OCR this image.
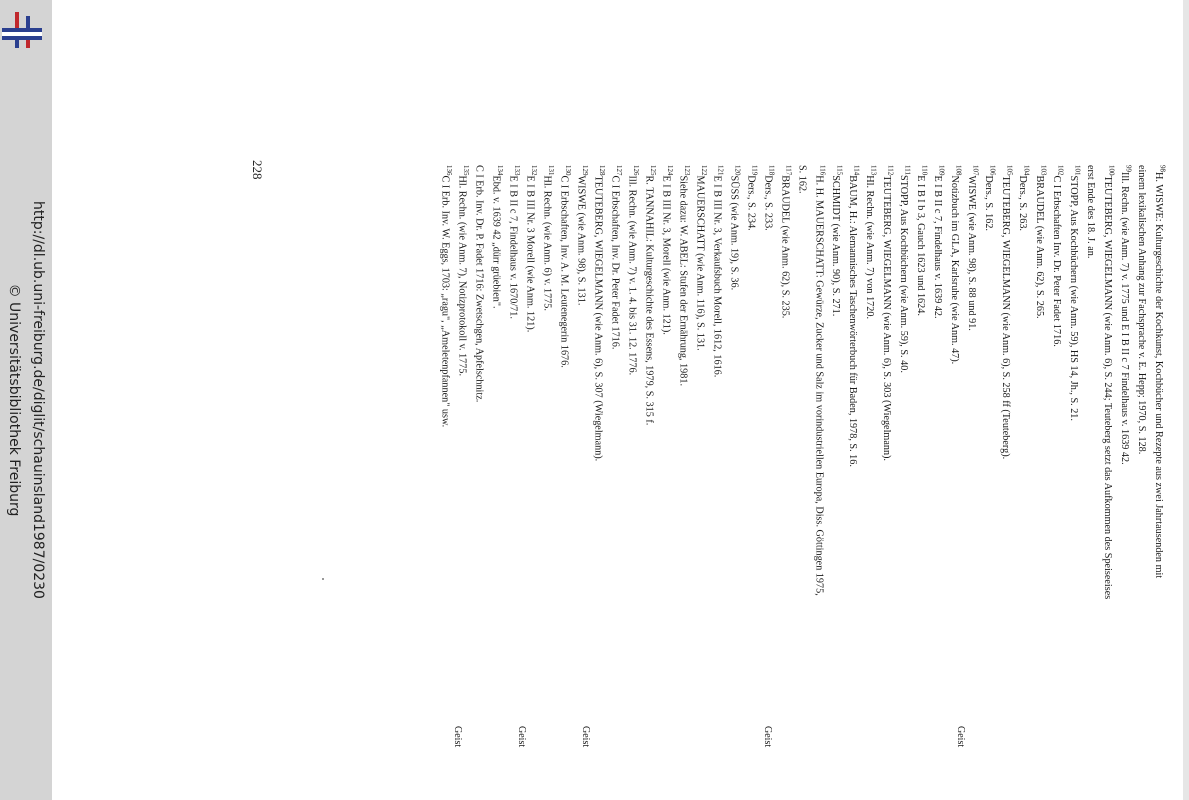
http://dl.ub.uni-freiburg.de/diglit/schauinsland1987/0230
© Universitätsbibliothek Freiburg
228	$^{98}$H. WISWE: Kulturgeschichte der Kochkunst, Kochbücher und Rezepte aus zwei Jahrtausenden mit
einem lexikalischen Anhang zur Fachsprache v. E. Hepp; 1970, S. 128.
$^{99}$Ill. Rechn. (wie Anm. 7) v. 1775 und E I B II c 7 Findelhaus v. 1639 42.
$^{100}$TEUTEBERG, WIEGELMANN (wie Anm. 6), S. 244; Teuteberg setzt das Aufkommen des Speiseeises
erst Ende des 18. J. an.
$^{101}$STOPP, Aus Kochbüchern (wie Anm. 59), HS 14, Jh., S. 21.
$^{102}$C I Erbschaften Inv. Dr. Peter Fadet 1716.
$^{103}$BRAUDEL (wie Anm. 62), S. 265.
$^{104}$Ders., S. 263.
$^{105}$TEUTEBERG, WIEGELMANN (wie Anm. 6), S. 258 ff (Teuteberg).
$^{106}$Ders., S. 162.
$^{107}$WISWE (wie Anm. 98), S. 88 und 91.
$^{108}$Notizbuch im GLA, Karlsruhe (wie Anm. 47).
$^{109}$E I B II c 7, Findelhaus v. 1639 42.
$^{110}$E I B I b 3, Gauch 1623 und 1624.
$^{111}$STOPP, Aus Kochbüchern (wie Anm. 59), S. 40.
$^{112}$TEUTEBERG, WIEGELMANN (wie Anm. 6), S. 303 (Wiegelmann).
$^{113}$Hl. Rechn. (wie Anm. 7) von 1720.
$^{114}$BAUM, H.: Alemannisches Taschenwörterbuch für Baden, 1978, S. 16.
$^{115}$SCHMIDT (wie Anm. 90), S. 271.
$^{116}$H. H. MAUERSCHATT: Gewürze, Zucker und Salz im vorindustriellen Europa, Diss. Göttingen 1975,
S. 162.
$^{117}$BRAUDEL (wie Anm. 62), S. 235.
$^{118}$Ders., S. 233.
$^{119}$Ders., S. 234.
$^{120}$SÜSS (wie Anm. 19), S. 36.
$^{121}$E I B III Nr. 3, Verkaufsbuch Morell, 1612, 1616.
$^{122}$MAUERSCHATT (wie Anm. 116), S. 131.
$^{123}$Siehe dazu: W. ABEL: Stufen der Ernährung, 1981.
$^{124}$E I B III Nr. 3, Morell (wie Anm. 121).
$^{125}$R. TANNAHIL: Kulturgeschichte des Essens, 1979, S. 315 f.
$^{126}$Ill. Rechn. (wie Anm. 7) v. 1. 4. bis 31. 12. 1776.
$^{127}$C I Erbschaften, Inv. Dr. Peter Fadet 1716.
$^{128}$TEUTEBERG, WIEGELMANN (wie Anm. 6), S. 307 (Wiegelmann).
$^{129}$WISWE (wie Anm. 98), S. 131.
$^{130}$C I Erbschaften, Inv. A. M. Leutenegerin 1676.
$^{131}$Hl. Rechn. (wie Anm. 6) v. 1775.
$^{132}$E I B III Nr. 3 Morell (wie Anm. 121).
$^{133}$E I B II c 7, Findelhaus v. 1670/71.
$^{134}$Ebd. v. 1639 42 „dürr grüebien".
C I Erb. Inv. Dr. P. Fadet 1716: Zwetschgen, Apfelschnitz.
$^{135}$Hl. Rechn. (wie Anm. 7), Notizprotokoll v. 1775.
$^{136}$C I Erb. Inv. W. Eggs, 1703: „ragu", „Ameletenpfannen" usw.
Geist
Geist
Geist
Geist
Geist
